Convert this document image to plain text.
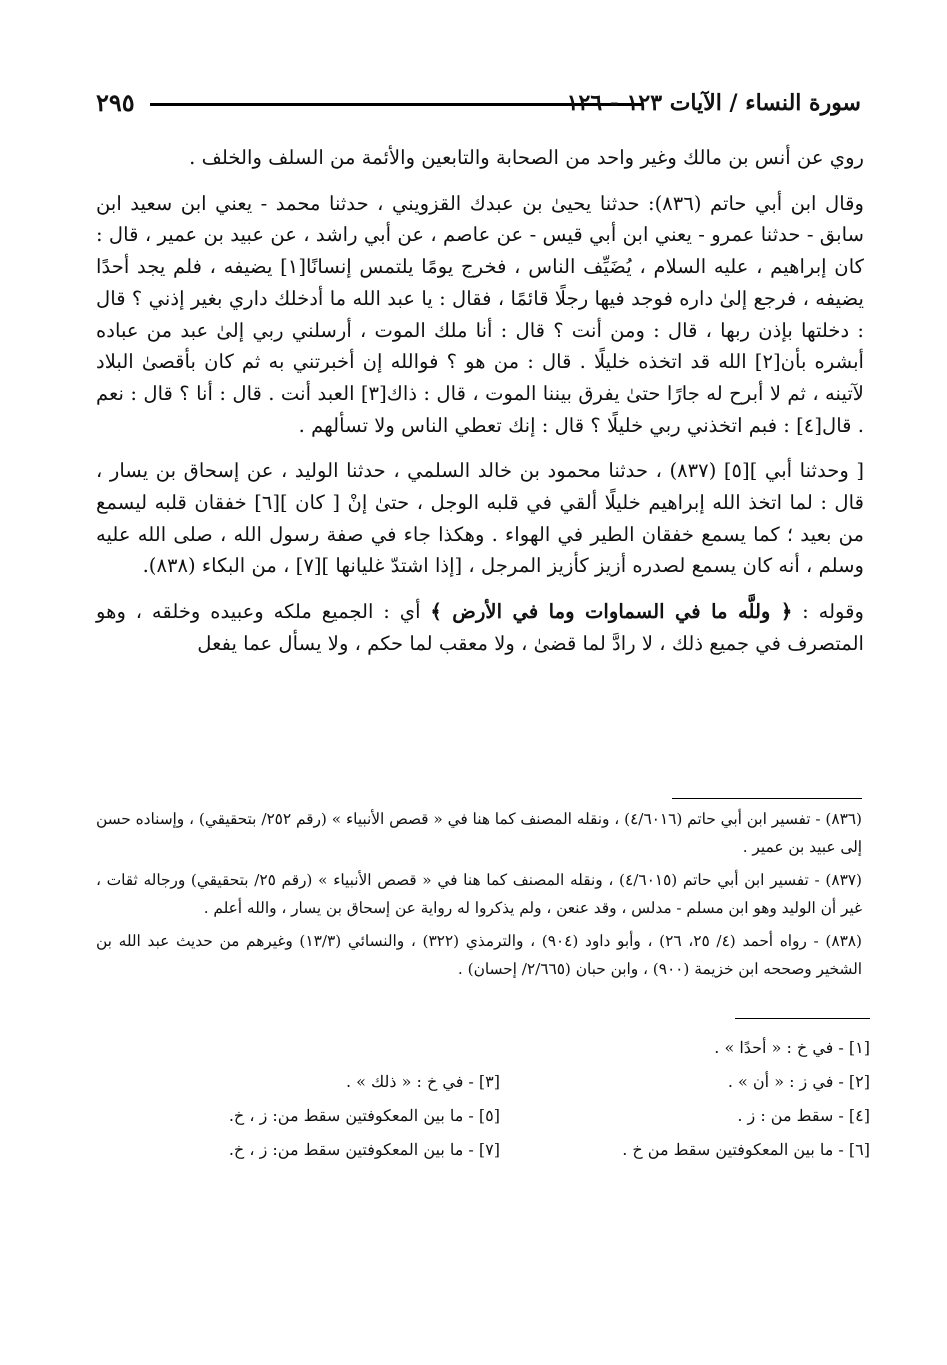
٢٩٥	سورة النساء / الآيات ١٢٣ - ١٢٦

روي عن أنس بن مالك وغير واحد من الصحابة والتابعين والأئمة من السلف والخلف .

وقال ابن أبي حاتم (٨٣٦): حدثنا يحيىٰ بن عبدك القزويني ، حدثنا محمد - يعني ابن سعيد ابن سابق - حدثنا عمرو - يعني ابن أبي قيس - عن عاصم ، عن أبي راشد ، عن عبيد بن عمير ، قال : كان إبراهيم ، عليه السلام ، يُضَيِّف الناس ، فخرج يومًا يلتمس إنسانًا[١] يضيفه ، فلم يجد أحدًا يضيفه ، فرجع إلىٰ داره فوجد فيها رجلًا قائمًا ، فقال : يا عبد الله ما أدخلك داري بغير إذني ؟ قال : دخلتها بإذن ربها ، قال : ومن أنت ؟ قال : أنا ملك الموت ، أرسلني ربي إلىٰ عبد من عباده أبشره بأن[٢] الله قد اتخذه خليلًا . قال : من هو ؟ فوالله إن أخبرتني به ثم كان بأقصىٰ البلاد لآتينه ، ثم لا أبرح له جارًا حتىٰ يفرق بيننا الموت ، قال : ذاك[٣] العبد أنت . قال : أنا ؟ قال : نعم . قال[٤] : فبم اتخذني ربي خليلًا ؟ قال : إنك تعطي الناس ولا تسألهم .

[ وحدثنا أبي ][٥] (٨٣٧) ، حدثنا محمود بن خالد السلمي ، حدثنا الوليد ، عن إسحاق بن يسار ، قال : لما اتخذ الله إبراهيم خليلًا ألقي في قلبه الوجل ، حتىٰ إنْ [ كان ][٦] خفقان قلبه ليسمع من بعيد ؛ كما يسمع خفقان الطير في الهواء . وهكذا جاء في صفة رسول الله ، صلى الله عليه وسلم ، أنه كان يسمع لصدره أزيز كأزيز المرجل ، [إذا اشتدّ غليانها ][٧] ، من البكاء (٨٣٨).

وقوله : ﴿ وللَّه ما في السماوات وما في الأرض ﴾ أي : الجميع ملكه وعبيده وخلقه ، وهو المتصرف في جميع ذلك ، لا رادَّ لما قضىٰ ، ولا معقب لما حكم ، ولا يسأل عما يفعل

(٨٣٦) - تفسير ابن أبي حاتم (٤/٦٠١٦) ، ونقله المصنف كما هنا في « قصص الأنبياء » (رقم ٢٥٢/ بتحقيقي) ، وإسناده حسن إلى عبيد بن عمير .

(٨٣٧) - تفسير ابن أبي حاتم (٤/٦٠١٥) ، ونقله المصنف كما هنا في « قصص الأنبياء » (رقم ٢٥/ بتحقيقي) ورجاله ثقات ، غير أن الوليد وهو ابن مسلم - مدلس ، وقد عنعن ، ولم يذكروا له رواية عن إسحاق بن يسار ، والله أعلم .

(٨٣٨) - رواه أحمد (٤/ ٢٥، ٢٦) ، وأبو داود (٩٠٤) ، والترمذي (٣٢٢) ، والنسائي (١٣/٣) وغيرهم من حديث عبد الله بن الشخير وصححه ابن خزيمة (٩٠٠) ، وابن حبان (٢/٦٦٥/ إحسان) .

[١] - في خ : « أحدًا » .
[٢] - في ز : « أن » .
[٣] - في خ : « ذلك » .
[٤] - سقط من : ز .
[٥] - ما بين المعكوفتين سقط من: ز ، خ.
[٦] - ما بين المعكوفتين سقط من خ .
[٧] - ما بين المعكوفتين سقط من: ز ، خ.
